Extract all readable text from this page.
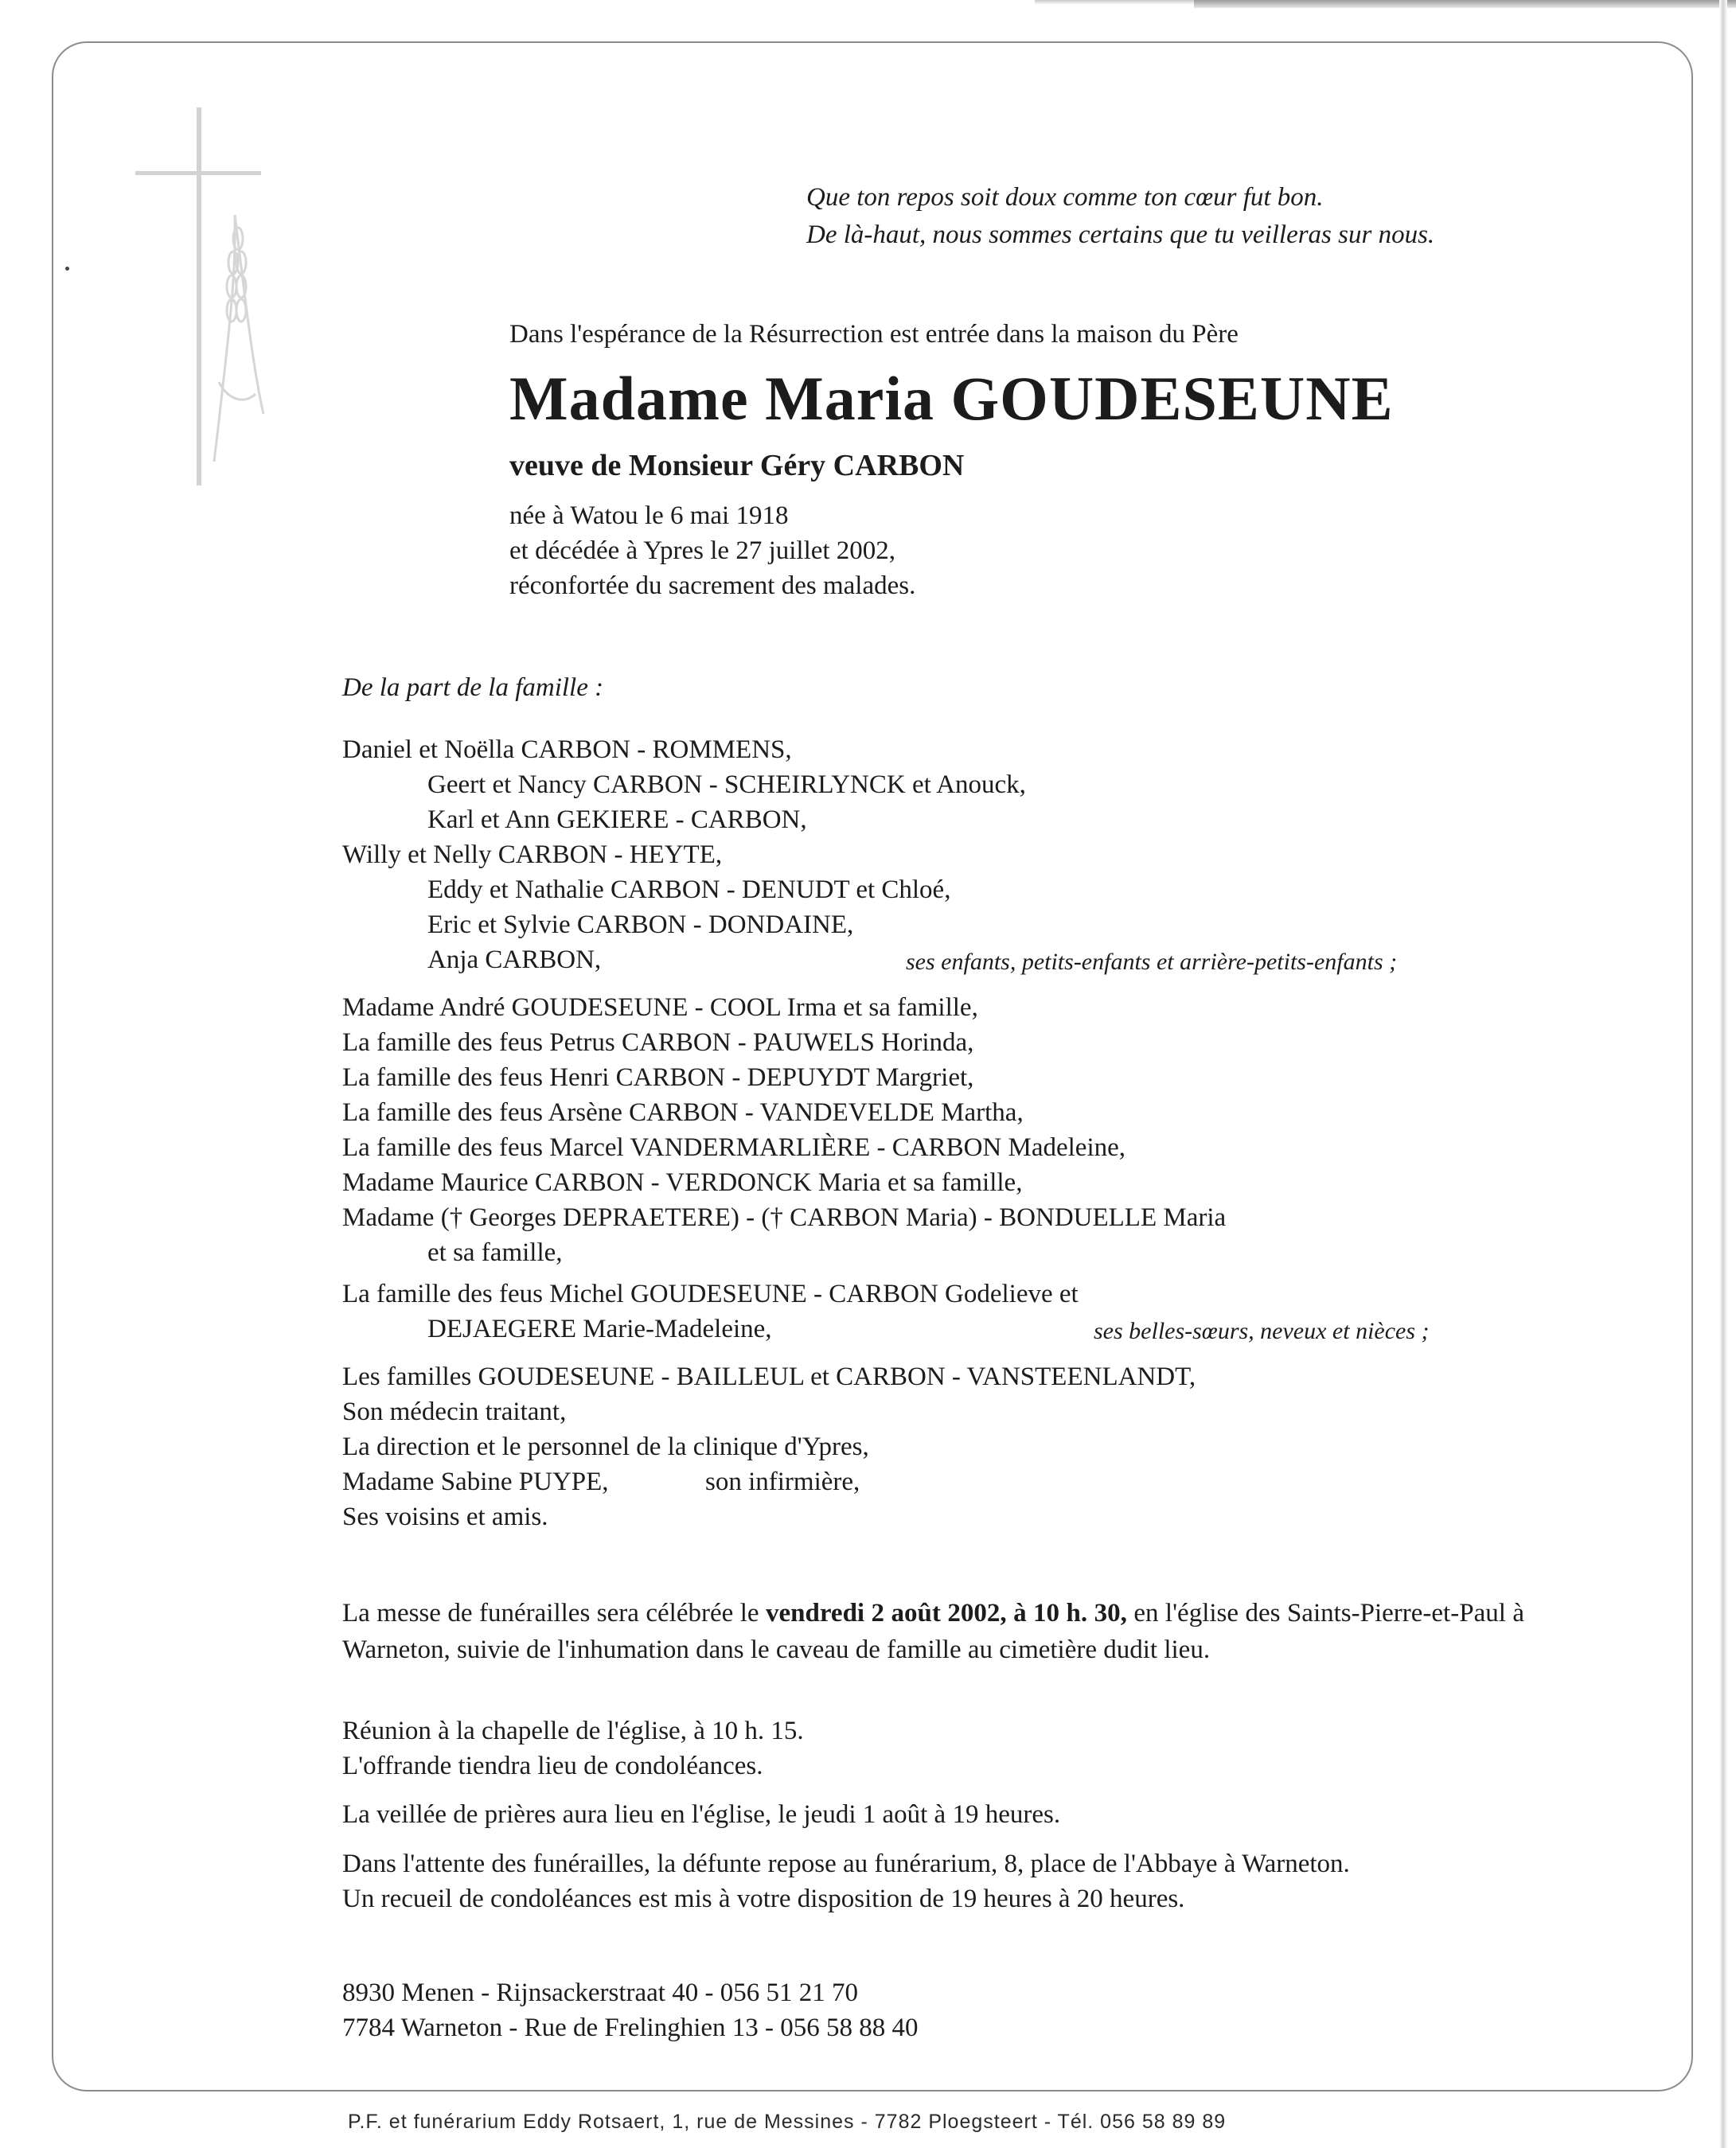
Que ton repos soit doux comme ton cœur fut bon.

De là-haut, nous sommes certains que tu veilleras sur nous.

Dans l'espérance de la Résurrection est entrée dans la maison du Père

Madame Maria GOUDESEUNE

veuve de Monsieur Géry CARBON

née à Watou le 6 mai 1918

et décédée à Ypres le 27 juillet 2002,

réconfortée du sacrement des malades.

De la part de la famille :

Daniel et Noëlla CARBON - ROMMENS,

Geert et Nancy CARBON - SCHEIRLYNCK et Anouck,

Karl et Ann GEKIERE - CARBON,

Willy et Nelly CARBON - HEYTE,

Eddy et Nathalie CARBON - DENUDT et Chloé,

Eric et Sylvie CARBON - DONDAINE,

Anja CARBON,	ses enfants, petits-enfants et arrière-petits-enfants ;

Madame André GOUDESEUNE - COOL Irma et sa famille,

La famille des feus Petrus CARBON - PAUWELS Horinda,

La famille des feus Henri CARBON - DEPUYDT Margriet,

La famille des feus Arsène CARBON - VANDEVELDE Martha,

La famille des feus Marcel VANDERMARLIÈRE - CARBON Madeleine,

Madame Maurice CARBON - VERDONCK Maria et sa famille,

Madame († Georges DEPRAETERE) - († CARBON Maria) - BONDUELLE Maria

et sa famille,

La famille des feus Michel GOUDESEUNE - CARBON Godelieve et

DEJAEGERE Marie-Madeleine,	ses belles-sœurs, neveux et nièces ;

Les familles GOUDESEUNE - BAILLEUL et CARBON - VANSTEENLANDT,

Son médecin traitant,

La direction et le personnel de la clinique d'Ypres,

Madame Sabine PUYPE,	son infirmière,

Ses voisins et amis.

La messe de funérailles sera célébrée le vendredi 2 août 2002, à 10 h. 30, en l'église des Saints-Pierre-et-Paul à Warneton, suivie de l'inhumation dans le caveau de famille au cimetière dudit lieu.

Réunion à la chapelle de l'église, à 10 h. 15.

L'offrande tiendra lieu de condoléances.

La veillée de prières aura lieu en l'église, le jeudi 1 août à 19 heures.

Dans l'attente des funérailles, la défunte repose au funérarium, 8, place de l'Abbaye à Warneton.

Un recueil de condoléances est mis à votre disposition de 19 heures à 20 heures.

8930 Menen - Rijnsackerstraat 40 - 056 51 21 70

7784 Warneton - Rue de Frelinghien 13 - 056 58 88 40

P.F. et funérarium Eddy Rotsaert, 1, rue de Messines - 7782 Ploegsteert - Tél. 056 58 89 89
